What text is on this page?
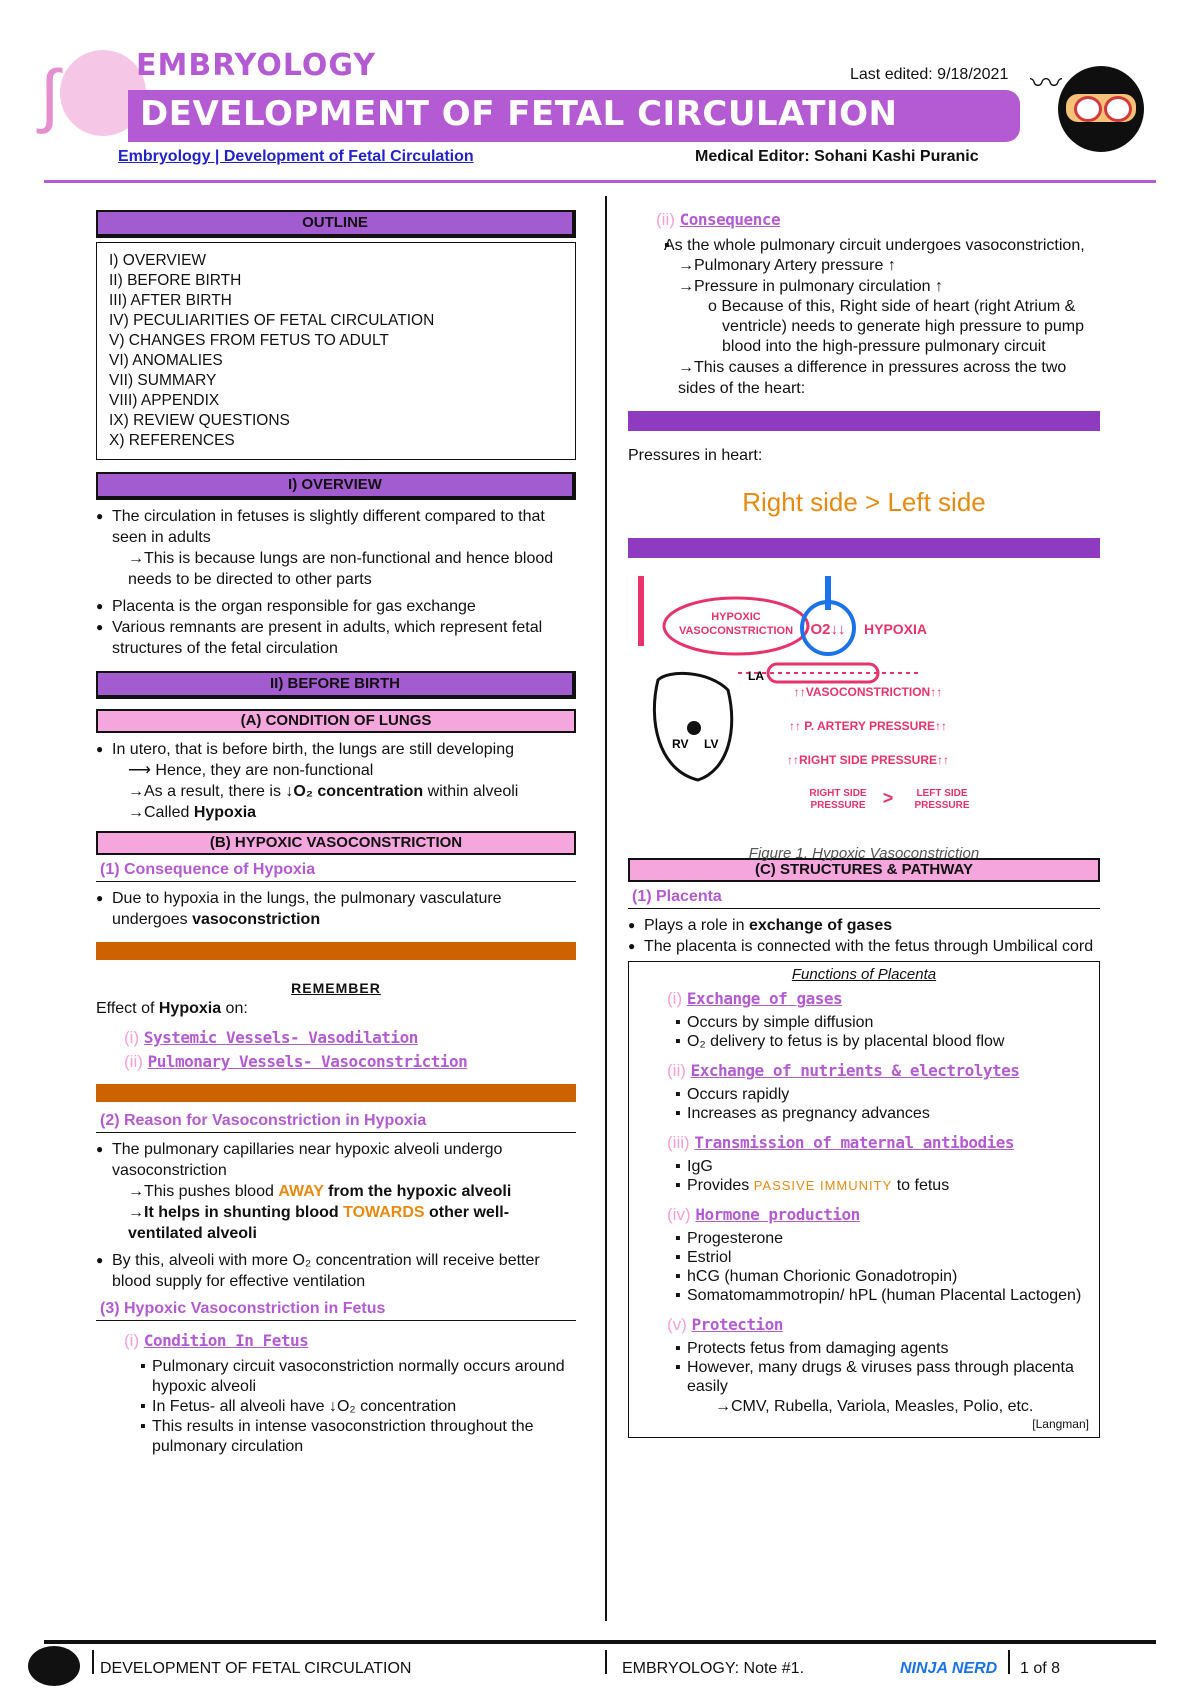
∫	EMBRYOLOGY
DEVELOPMENT OF FETAL CIRCULATION
Last edited: 9/18/2021 〰
Embryology | Development of Fetal Circulation	Medical Editor: Sohani Kashi Puranic
OUTLINE
I) OVERVIEW
II) BEFORE BIRTH
III) AFTER BIRTH
IV) PECULIARITIES OF FETAL CIRCULATION
V) CHANGES FROM FETUS TO ADULT
VI) ANOMALIES
VII) SUMMARY
VIII) APPENDIX
IX) REVIEW QUESTIONS
X) REFERENCES
I) OVERVIEW
● The circulation in fetuses is slightly different compared to that seen in adults
→This is because lungs are non-functional and hence blood needs to be directed to other parts
● Placenta is the organ responsible for gas exchange
● Various remnants are present in adults, which represent fetal structures of the fetal circulation
II) BEFORE BIRTH
(A) CONDITION OF LUNGS
● In utero, that is before birth, the lungs are still developing
⟶ Hence, they are non-functional
→As a result, there is ↓O₂ concentration within alveoli
→Called Hypoxia
(B) HYPOXIC VASOCONSTRICTION
(1) Consequence of Hypoxia
● Due to hypoxia in the lungs, the pulmonary vasculature undergoes vasoconstriction
REMEMBER
Effect of Hypoxia on:
(i) Systemic Vessels- Vasodilation
(ii) Pulmonary Vessels- Vasoconstriction
(2) Reason for Vasoconstriction in Hypoxia
● The pulmonary capillaries near hypoxic alveoli undergo vasoconstriction
→This pushes blood AWAY from the hypoxic alveoli
→It helps in shunting blood TOWARDS other well-ventilated alveoli
● By this, alveoli with more O₂ concentration will receive better blood supply for effective ventilation
(3) Hypoxic Vasoconstriction in Fetus
(i) Condition In Fetus
▪ Pulmonary circuit vasoconstriction normally occurs around hypoxic alveoli
▪ In Fetus- all alveoli have ↓O₂ concentration
▪ This results in intense vasoconstriction throughout the pulmonary circulation
(ii) Consequence
▪ As the whole pulmonary circuit undergoes vasoconstriction,
→Pulmonary Artery pressure ↑
→Pressure in pulmonary circulation ↑
o Because of this, Right side of heart (right Atrium & ventricle) needs to generate high pressure to pump blood into the high-pressure pulmonary circuit
→This causes a difference in pressures across the two sides of the heart:
Pressures in heart:
Right side > Left side
HYPOXIC
VASOCONSTRICTION O2↓↓ HYPOXIA
LA
RV LV
↑↑VASOCONSTRICTION↑↑
↑↑ P. ARTERY PRESSURE↑↑
↑↑RIGHT SIDE PRESSURE↑↑
RIGHT SIDE
PRESSURE > LEFT SIDE
PRESSURE
Figure 1. Hypoxic Vasoconstriction
(C) STRUCTURES & PATHWAY
(1) Placenta
● Plays a role in exchange of gases
● The placenta is connected with the fetus through Umbilical cord
Functions of Placenta
(i) Exchange of gases
▪ Occurs by simple diffusion
▪ O₂ delivery to fetus is by placental blood flow
(ii) Exchange of nutrients & electrolytes
▪ Occurs rapidly
▪ Increases as pregnancy advances
(iii) Transmission of maternal antibodies
▪ IgG
▪ Provides PASSIVE IMMUNITY to fetus
(iv) Hormone production
▪ Progesterone
▪ Estriol
▪ hCG (human Chorionic Gonadotropin)
▪ Somatomammotropin/ hPL (human Placental Lactogen)
(v) Protection
▪ Protects fetus from damaging agents
▪ However, many drugs & viruses pass through placenta easily
→CMV, Rubella, Variola, Measles, Polio, etc.
[Langman]
DEVELOPMENT OF FETAL CIRCULATION	EMBRYOLOGY: Note #1.	NINJA NERD 1 of 8
